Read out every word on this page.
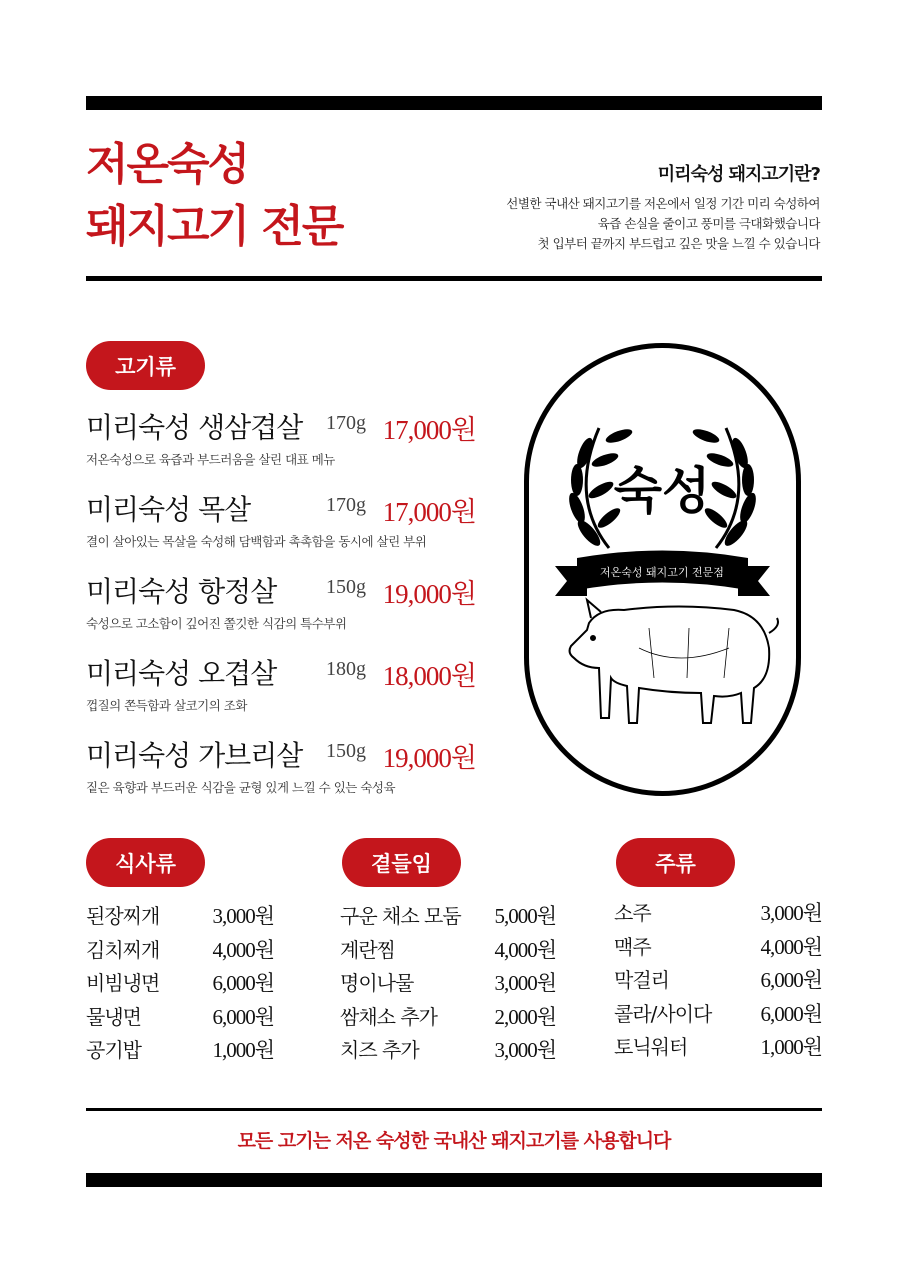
저온숙성
돼지고기 전문
미리숙성 돼지고기란?

선별한 국내산 돼지고기를 저온에서 일정 기간 미리 숙성하여

육즙 손실을 줄이고 풍미를 극대화했습니다

첫 입부터 끝까지 부드럽고 깊은 맛을 느낄 수 있습니다

고기류
미리숙성 생삼겹살 170g 17,000원
저온숙성으로 육즙과 부드러움을 살린 대표 메뉴
미리숙성 목살	170g 17,000원
결이 살아있는 목살을 숙성해 담백함과 촉촉함을 동시에 살린 부위
미리숙성 항정살 150g 19,000원
숙성으로 고소함이 깊어진 쫄깃한 식감의 특수부위
미리숙성 오겹살 180g 18,000원
껍질의 쫀득함과 살코기의 조화
미리숙성 가브리살 150g 19,000원
짙은 육향과 부드러운 식감을 균형 있게 느낄 수 있는 숙성육
숙성
저온숙성 돼지고기 전문점
식사류	곁들임	주류
된장찌개	3,000원
김치찌개	4,000원
비빔냉면	6,000원
물냉면	6,000원
공기밥	1,000원
구운 채소 모둠 5,000원
계란찜	4,000원
명이나물	3,000원
쌈채소 추가	2,000원
치즈 추가	3,000원
소주	3,000원
맥주	4,000원
막걸리	6,000원
콜라/사이다 6,000원
토닉워터	1,000원
모든 고기는 저온 숙성한 국내산 돼지고기를 사용합니다
